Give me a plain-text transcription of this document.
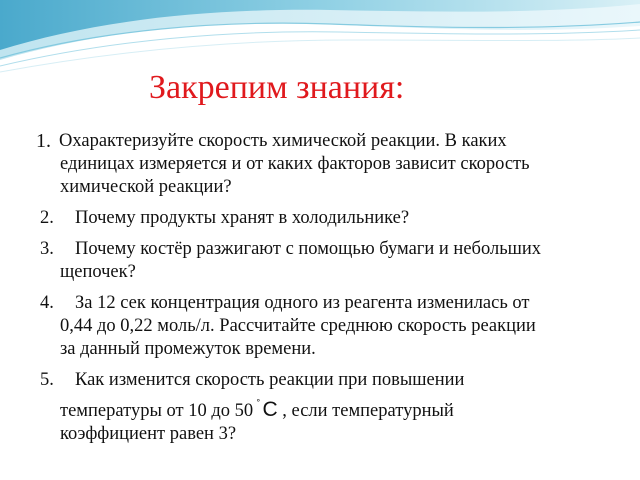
Закрепим знания:
1. Охарактеризуйте скорость химической реакции. В каких
единицах измеряется и от каких факторов зависит скорость
химической реакции?
2. Почему продукты хранят в холодильнике?
3. Почему костёр разжигают с помощью бумаги и небольших
щепочек?
4. За 12 сек концентрация одного из реагента изменилась от
0,44 до 0,22 моль/л. Рассчитайте среднюю скорость реакции
за данный промежуток времени.
5. Как изменится скорость реакции при повышении
температуры от 10 до 50 ˚С , если температурный
коэффициент равен 3?
